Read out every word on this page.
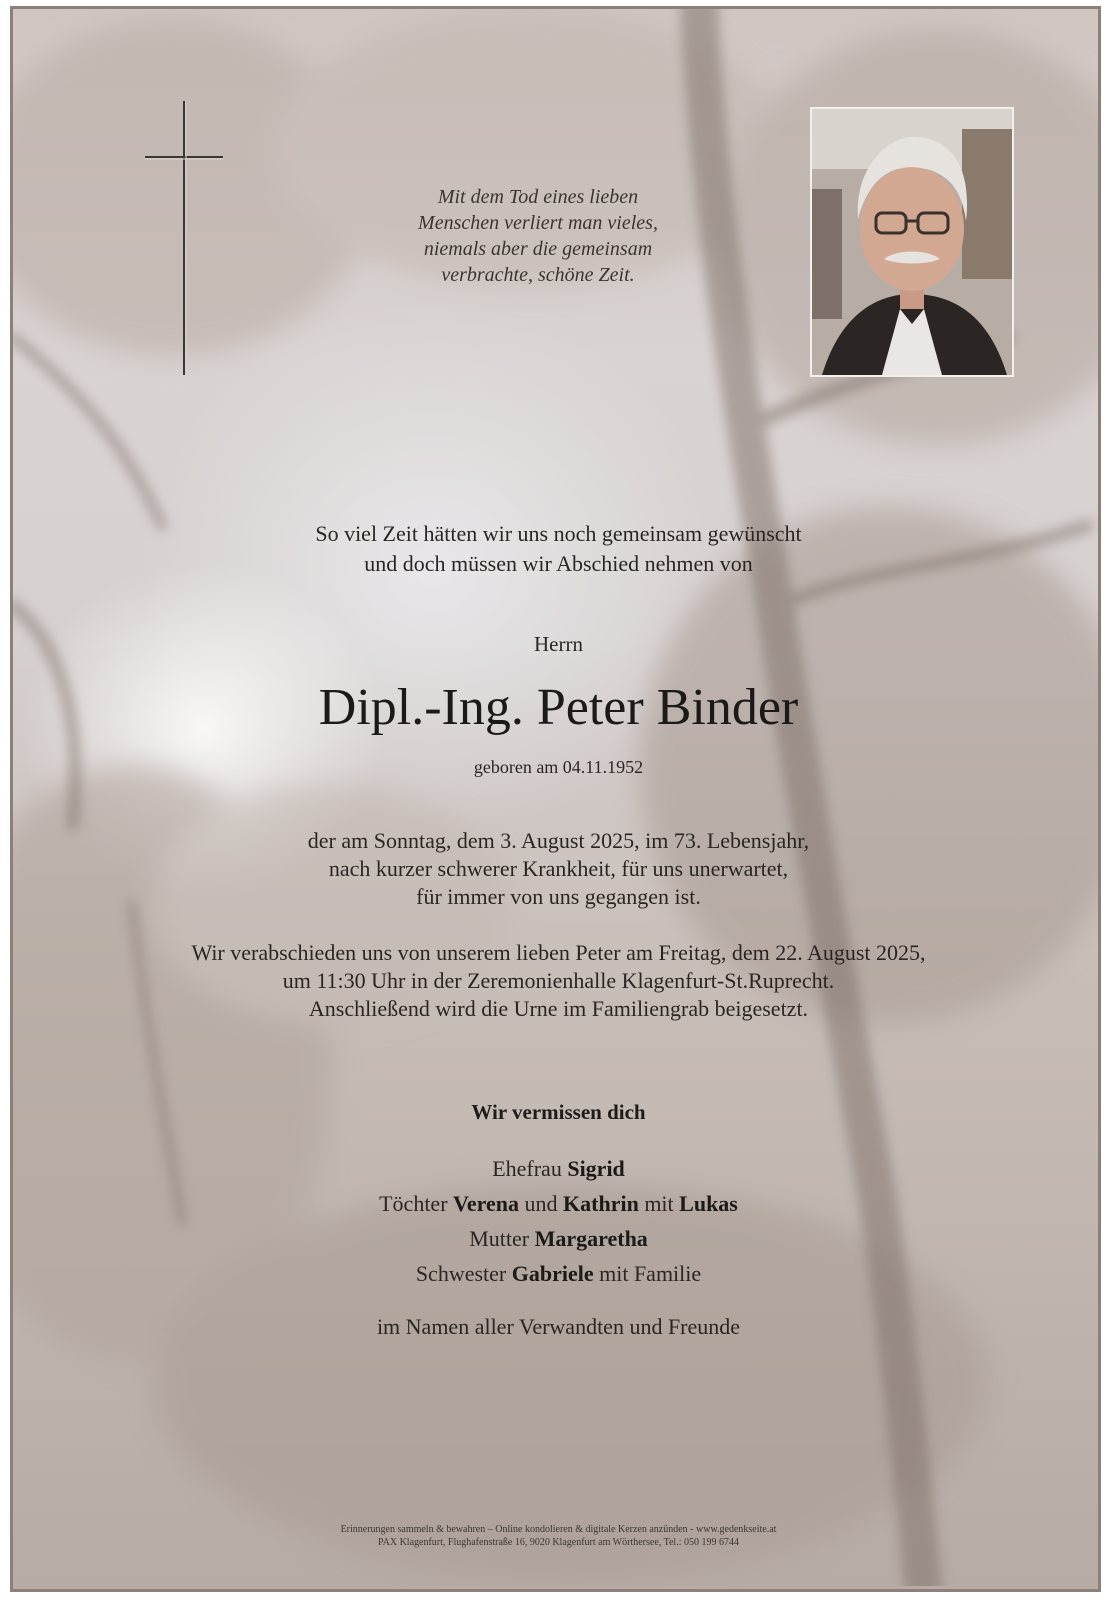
Mit dem Tod eines lieben
Menschen verliert man vieles,
niemals aber die gemeinsam
verbrachte, schöne Zeit.
So viel Zeit hätten wir uns noch gemeinsam gewünscht
und doch müssen wir Abschied nehmen von
Herrn
Dipl.-Ing. Peter Binder
geboren am 04.11.1952
der am Sonntag, dem 3. August 2025, im 73. Lebensjahr,
nach kurzer schwerer Krankheit, für uns unerwartet,
für immer von uns gegangen ist.
Wir verabschieden uns von unserem lieben Peter am Freitag, dem 22. August 2025,
um 11:30 Uhr in der Zeremonienhalle Klagenfurt-St.Ruprecht.
Anschließend wird die Urne im Familiengrab beigesetzt.
Wir vermissen dich
Ehefrau Sigrid
Töchter Verena und Kathrin mit Lukas
Mutter Margaretha
Schwester Gabriele mit Familie
im Namen aller Verwandten und Freunde
Erinnerungen sammeln & bewahren – Online kondolieren & digitale Kerzen anzünden - www.gedenkseite.at
PAX Klagenfurt, Flughafenstraße 16, 9020 Klagenfurt am Wörthersee, Tel.: 050 199 6744
